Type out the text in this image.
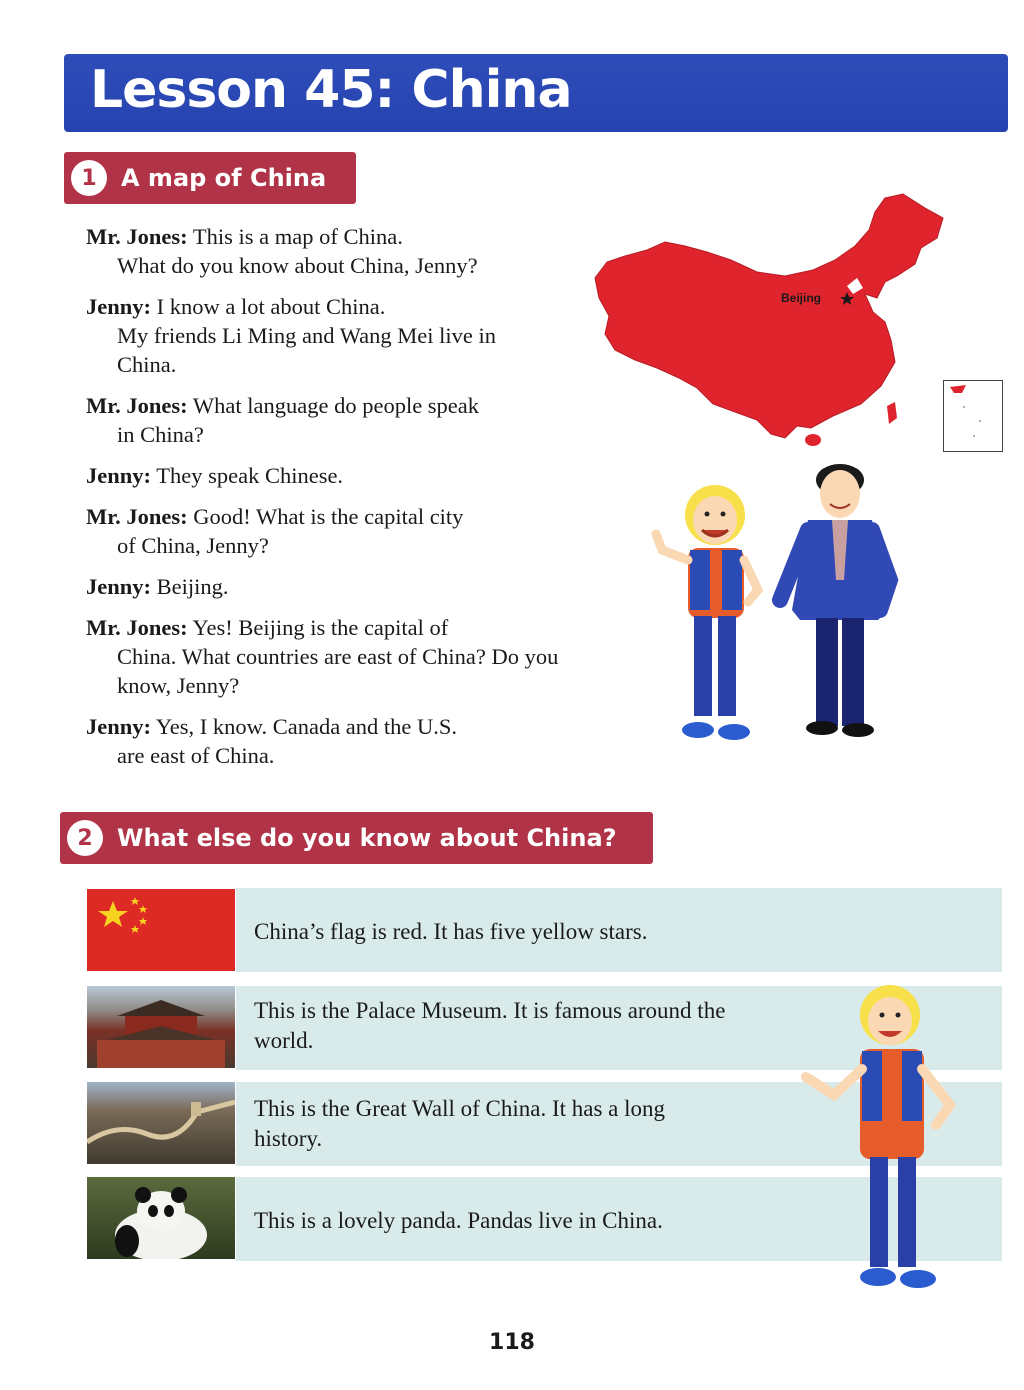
Lesson 45: China
1	A map of China
Mr. Jones: This is a map of China.
What do you know about China, Jenny?
Jenny: I know a lot about China.
My friends Li Ming and Wang Mei live in China.
Mr. Jones: What language do people speak
in China?
Jenny: They speak Chinese.
Mr. Jones: Good! What is the capital city
of China, Jenny?
Jenny: Beijing.
Mr. Jones: Yes! Beijing is the capital of
China. What countries are east of China? Do you know, Jenny?
Jenny: Yes, I know. Canada and the U.S.
are east of China.
Beijing
2	What else do you know about China?
China’s flag is red. It has five yellow stars.
This is the Palace Museum. It is famous around the world.
This is the Great Wall of China. It has a long history.
This is a lovely panda. Pandas live in China.
118
